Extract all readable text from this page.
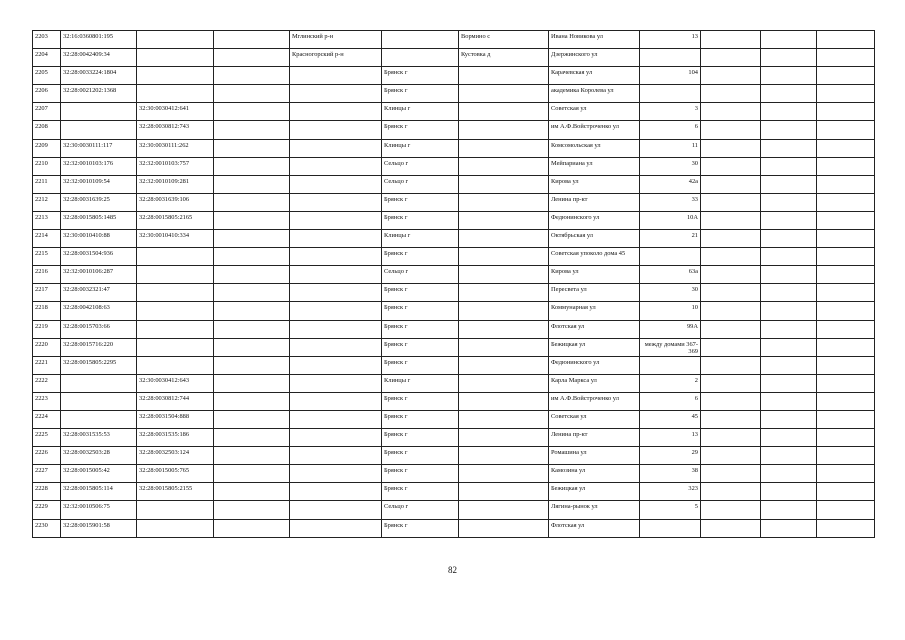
2203	32:16:0360801:195			Мглинский р-н		Вормино с	Ивана Новикова ул	13			
2204	32:28:0042409:34			Красногорский р-н		Кустовка д	Дзержинского ул				
2205	32:28:0033224:1804				Брянск г		Карачевская ул	104			
2206	32:28:0021202:1368				Брянск г		академика Королева ул				
2207		32:30:0030412:641			Клинцы г		Советская ул	3			
2208		32:28:0030812:743			Брянск г		им А.Ф.Войстроченко ул	6			
2209	32:30:0030111:117	32:30:0030111:262			Клинцы г		Комсомольская ул	11			
2210	32:32:0010103:176	32:32:0010103:757			Сельцо г		Мейпариана ул	30			
2211	32:32:0010109:54	32:32:0010109:281			Сельцо г		Кирова ул	42а			
2212	32:28:0031639:25	32:28:0031639:106			Брянск г		Ленина пр-кт	33			
2213	32:28:0015805:1485	32:28:0015805:2165			Брянск г		Федюнинского ул	10А			
2214	32:30:0010410:88	32:30:0010410:334			Клинцы г		Октябрьская ул	21			
2215	32:28:0031504:936				Брянск г		Советская упоколо дома 45				
2216	32:32:0010106:287				Сельцо г		Кирова ул	63а			
2217	32:28:0032321:47				Брянск г		Пересвета ул	30			
2218	32:28:0042108:63				Брянск г		Коммунарная ул	10			
2219	32:28:0015703:66				Брянск г		Флотская ул	99А			
2220	32:28:0015716:220				Брянск г		Бежицкая ул	между домами 367-369			
2221	32:28:0015805:2295				Брянск г		Федюнинского ул				
2222		32:30:0030412:643			Клинцы г		Карла Маркса ул	2			
2223		32:28:0030812:744			Брянск г		им А.Ф.Войстроченко ул	6			
2224		32:28:0031504:888			Брянск г		Советская ул	45			
2225	32:28:0031535:53	32:28:0031535:186			Брянск г		Ленина пр-кт	13			
2226	32:28:0032503:28	32:28:0032503:124			Брянск г		Ромашина ул	29			
2227	32:28:0015005:42	32:28:0015005:765			Брянск г		Камозина ул	38			
2228	32:28:0015805:114	32:28:0015805:2155			Брянск г		Бежицкая ул	323			
2229	32:32:0010506:75				Сельцо г		Лягина-рынок ул	5			
2230	32:28:0015901:58				Брянск г		Флотская ул				
82
